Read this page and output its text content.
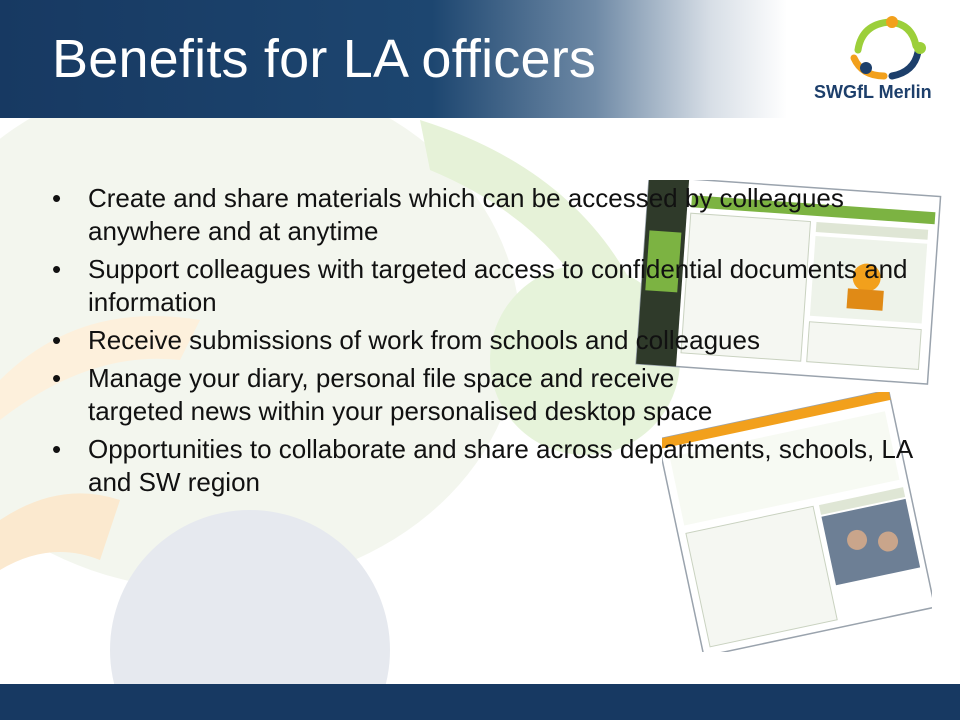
Benefits for LA officers
SWGfL Merlin
• Create and share materials which can be accessed by colleagues anywhere and at anytime
• Support colleagues with targeted access to confidential documents and information
• Receive submissions of work from schools and colleagues
• Manage your diary, personal file space and receive
targeted news within your personalised desktop space
• Opportunities to collaborate and share across departments, schools, LA and SW region
